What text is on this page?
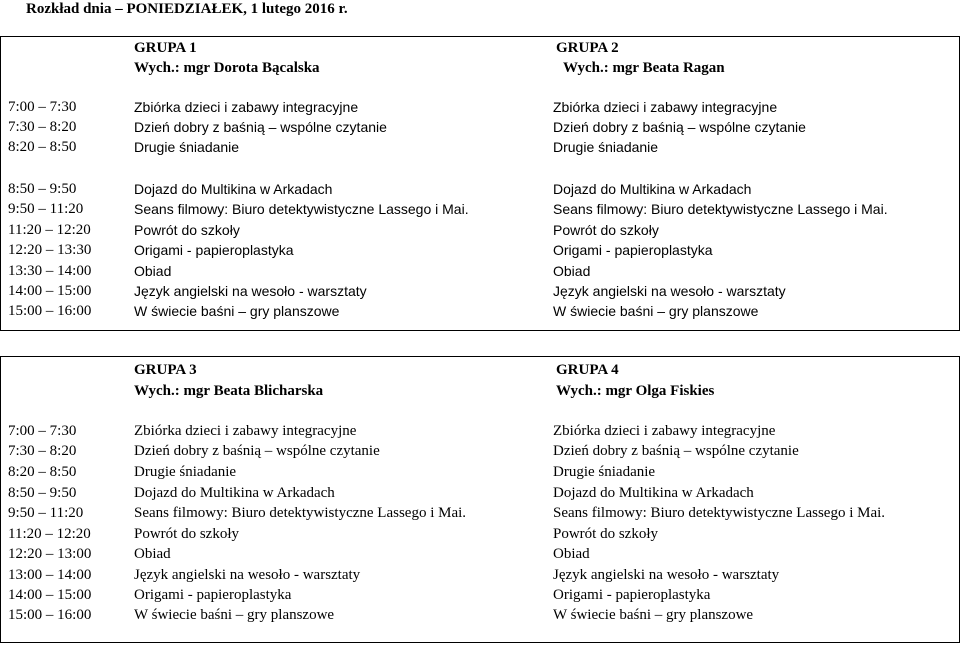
Rozkład dnia – PONIEDZIAŁEK, 1 lutego 2016 r.
GRUPA 1
Wych.: mgr Dorota Bącalska
GRUPA 2
Wych.: mgr Beata Ragan
7:00 – 7:30	Zbiórka dzieci i zabawy integracyjne	Zbiórka dzieci i zabawy integracyjne
7:30 – 8:20	Dzień dobry z baśnią – wspólne czytanie	Dzień dobry z baśnią – wspólne czytanie
8:20 – 8:50	Drugie śniadanie	Drugie śniadanie
8:50 – 9:50	Dojazd do Multikina w Arkadach	Dojazd do Multikina w Arkadach
9:50 – 11:20	Seans filmowy: Biuro detektywistyczne Lassego i Mai.	Seans filmowy: Biuro detektywistyczne Lassego i Mai.
11:20 – 12:20	Powrót do szkoły	Powrót do szkoły
12:20 – 13:30	Origami - papieroplastyka	Origami - papieroplastyka
13:30 – 14:00	Obiad	Obiad
14:00 – 15:00	Język angielski na wesoło - warsztaty	Język angielski na wesoło - warsztaty
15:00 – 16:00	W świecie baśni – gry planszowe	W świecie baśni – gry planszowe
GRUPA 3
Wych.: mgr Beata Blicharska
GRUPA 4
Wych.: mgr Olga Fiskies
7:00 – 7:30	Zbiórka dzieci i zabawy integracyjne	Zbiórka dzieci i zabawy integracyjne
7:30 – 8:20	Dzień dobry z baśnią – wspólne czytanie	Dzień dobry z baśnią – wspólne czytanie
8:20 – 8:50	Drugie śniadanie	Drugie śniadanie
8:50 – 9:50	Dojazd do Multikina w Arkadach	Dojazd do Multikina w Arkadach
9:50 – 11:20	Seans filmowy: Biuro detektywistyczne Lassego i Mai.	Seans filmowy: Biuro detektywistyczne Lassego i Mai.
11:20 – 12:20	Powrót do szkoły	Powrót do szkoły
12:20 – 13:00	Obiad	Obiad
13:00 – 14:00	Język angielski na wesoło - warsztaty	Język angielski na wesoło - warsztaty
14:00 – 15:00	Origami - papieroplastyka	Origami - papieroplastyka
15:00 – 16:00	W świecie baśni – gry planszowe	W świecie baśni – gry planszowe
